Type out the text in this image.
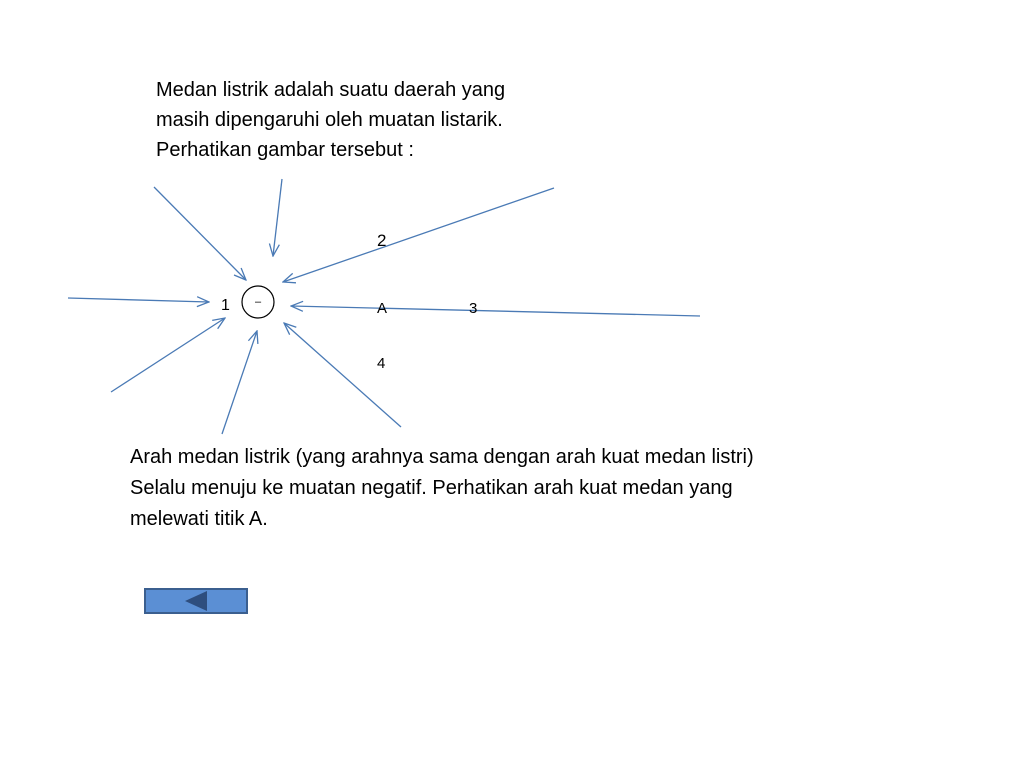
Medan listrik adalah suatu daerah yang
masih dipengaruhi oleh muatan listarik.
Perhatikan gambar tersebut :

–
1
2
A	3
4

Arah medan listrik (yang arahnya sama dengan arah kuat medan listri)
Selalu menuju ke muatan negatif. Perhatikan arah kuat medan yang
melewati titik A.
